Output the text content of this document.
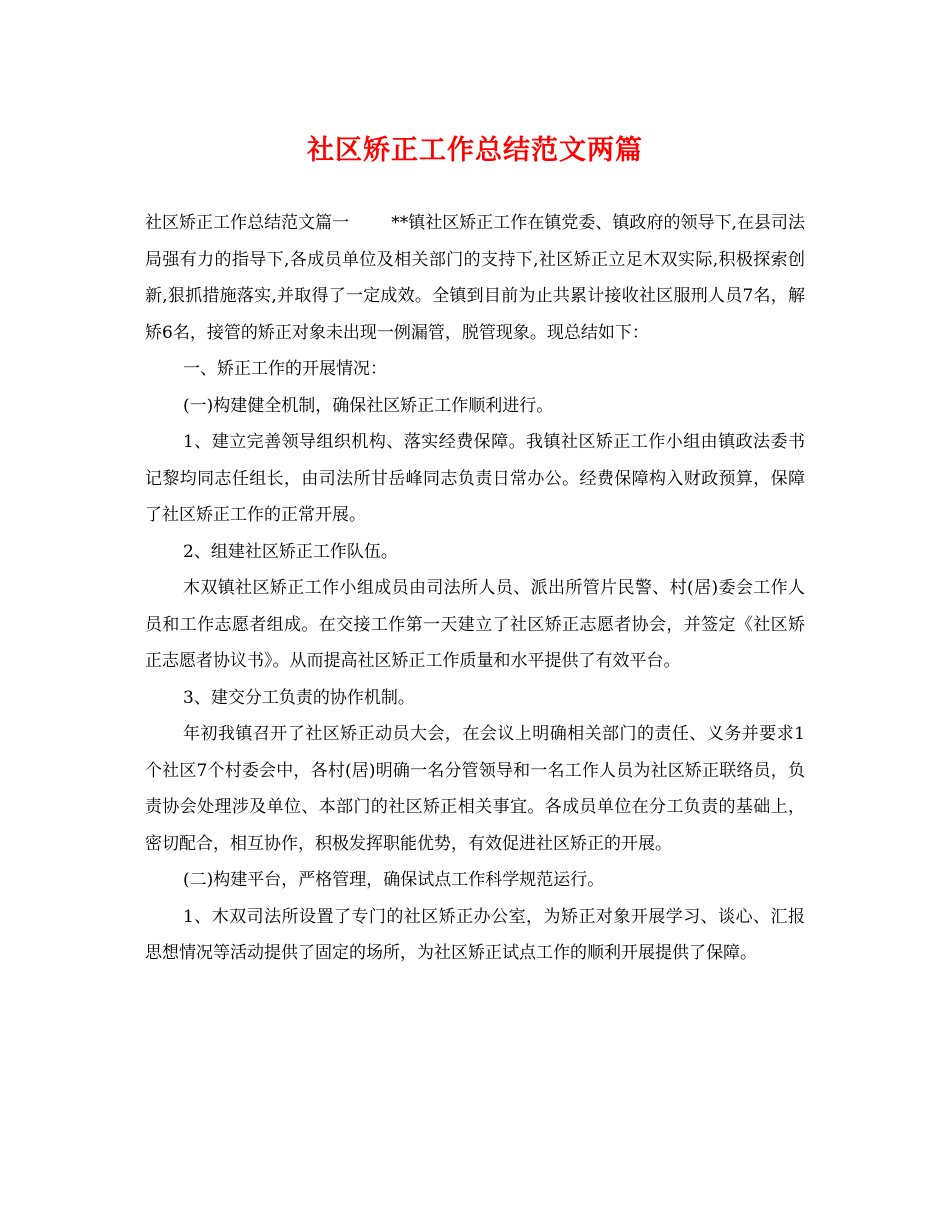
社区矫正工作总结范文两篇

社区矫正工作总结范文篇一 **镇社区矫正工作在镇党委、镇政府的领导下,在县司法局强有力的指导下,各成员单位及相关部门的支持下,社区矫正立足木双实际,积极探索创新,狠抓措施落实,并取得了一定成效。全镇到目前为止共累计接收社区服刑人员7名，解矫6名，接管的矫正对象未出现一例漏管，脱管现象。现总结如下：

一、矫正工作的开展情况：

(一)构建健全机制，确保社区矫正工作顺利进行。

1、建立完善领导组织机构、落实经费保障。我镇社区矫正工作小组由镇政法委书记黎均同志任组长，由司法所甘岳峰同志负责日常办公。经费保障构入财政预算，保障了社区矫正工作的正常开展。

2、组建社区矫正工作队伍。

木双镇社区矫正工作小组成员由司法所人员、派出所管片民警、村(居)委会工作人员和工作志愿者组成。在交接工作第一天建立了社区矫正志愿者协会，并签定《社区矫正志愿者协议书》。从而提高社区矫正工作质量和水平提供了有效平台。

3、建交分工负责的协作机制。

年初我镇召开了社区矫正动员大会，在会议上明确相关部门的责任、义务并要求1个社区7个村委会中，各村(居)明确一名分管领导和一名工作人员为社区矫正联络员，负责协会处理涉及单位、本部门的社区矫正相关事宜。各成员单位在分工负责的基础上，密切配合，相互协作，积极发挥职能优势，有效促进社区矫正的开展。

(二)构建平台，严格管理，确保试点工作科学规范运行。

1、木双司法所设置了专门的社区矫正办公室，为矫正对象开展学习、谈心、汇报思想情况等活动提供了固定的场所，为社区矫正试点工作的顺利开展提供了保障。
